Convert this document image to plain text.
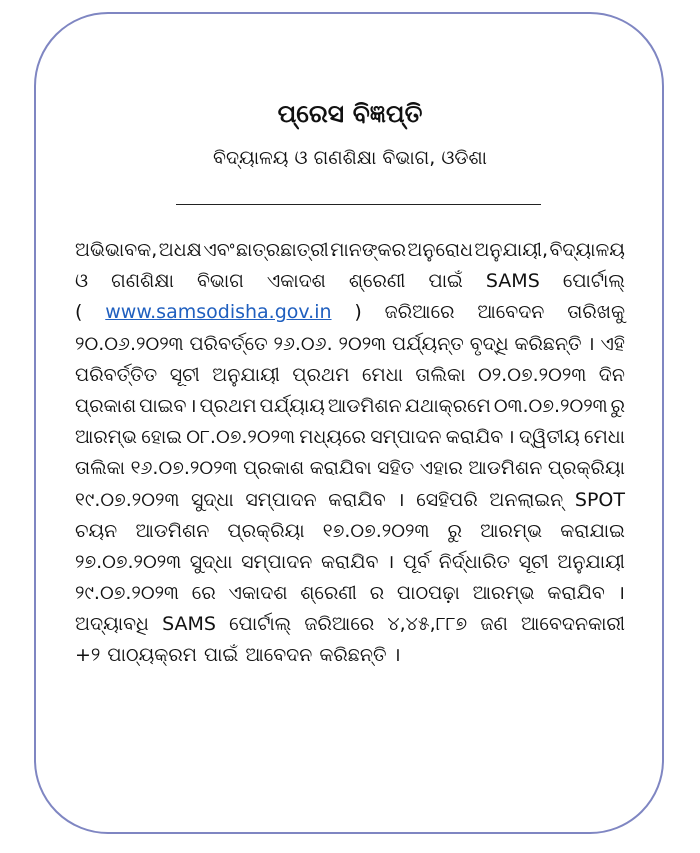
ପ୍ରେସ ବିଜ୍ଞପ୍ତି
ବିଦ୍ୟାଳୟ ଓ ଗଣଶିକ୍ଷା ବିଭାଗ, ଓଡିଶା
ଅଭିଭାବକ, ଅଧକ୍ଷ ଏବଂ ଛାତ୍ରଛାତ୍ରୀ ମାନଙ୍କର ଅନୁରୋଧ ଅନୁଯାୟୀ, ବିଦ୍ୟାଳୟ
ଓ ଗଣଶିକ୍ଷା ବିଭାଗ ଏକାଦଶ ଶ୍ରେଣୀ ପାଇଁ SAMS ପୋର୍ଟାଲ୍
( www.samsodisha.gov.in ) ଜରିଆରେ ଆବେଦନ ତାରିଖକୁ
୨୦.୦୬.୨୦୨୩ ପରିବର୍ତ୍ତେ ୨୬.୦୬. ୨୦୨୩ ପର୍ଯ୍ୟନ୍ତ ବୃଦ୍ଧି କରିଛନ୍ତି । ଏହି
ପରିବର୍ତ୍ତିତ ସୂଚୀ ଅନୁଯାୟୀ ପ୍ରଥମ ମେଧା ତାଲିକା ୦୨.୦୭.୨୦୨୩ ଦିନ
ପ୍ରକାଶ ପାଇବ । ପ୍ରଥମ ପର୍ଯ୍ୟାୟ ଆଡମିଶନ ଯଥାକ୍ରମେ ୦୩.୦୭.୨୦୨୩ ରୁ
ଆରମ୍ଭ ହୋଇ ୦୮.୦୭.୨୦୨୩ ମଧ୍ୟରେ ସମ୍ପାଦନ କରାଯିବ । ଦ୍ୱିତୀୟ ମେଧା
ତାଲିକା ୧୬.୦୭.୨୦୨୩ ପ୍ରକାଶ କରାଯିବା ସହିତ ଏହାର ଆଡମିଶନ ପ୍ରକ୍ରିୟା
୧୯.୦୭.୨୦୨୩ ସୁଦ୍ଧା ସମ୍ପାଦନ କରାଯିବ । ସେହିପରି ଅନଲାଇନ୍ SPOT
ଚୟନ ଆଡମିଶନ ପ୍ରକ୍ରିୟା ୧୭.୦୭.୨୦୨୩ ରୁ ଆରମ୍ଭ କରାଯାଇ
୨୭.୦୭.୨୦୨୩ ସୁଦ୍ଧା ସମ୍ପାଦନ କରାଯିବ । ପୂର୍ବ ନିର୍ଦ୍ଧାରିତ ସୂଚୀ ଅନୁଯାୟୀ
୨୯.୦୭.୨୦୨୩ ରେ ଏକାଦଶ ଶ୍ରେଣୀ ର ପାଠପଢ଼ା ଆରମ୍ଭ କରାଯିବ ।
ଅଦ୍ୟାବଧି SAMS ପୋର୍ଟାଲ୍ ଜରିଆରେ ୪,୪୫,୮୮୭ ଜଣ ଆବେଦନକାରୀ
+୨ ପାଠ୍ୟକ୍ରମ ପାଇଁ ଆବେଦନ କରିଛନ୍ତି ।
